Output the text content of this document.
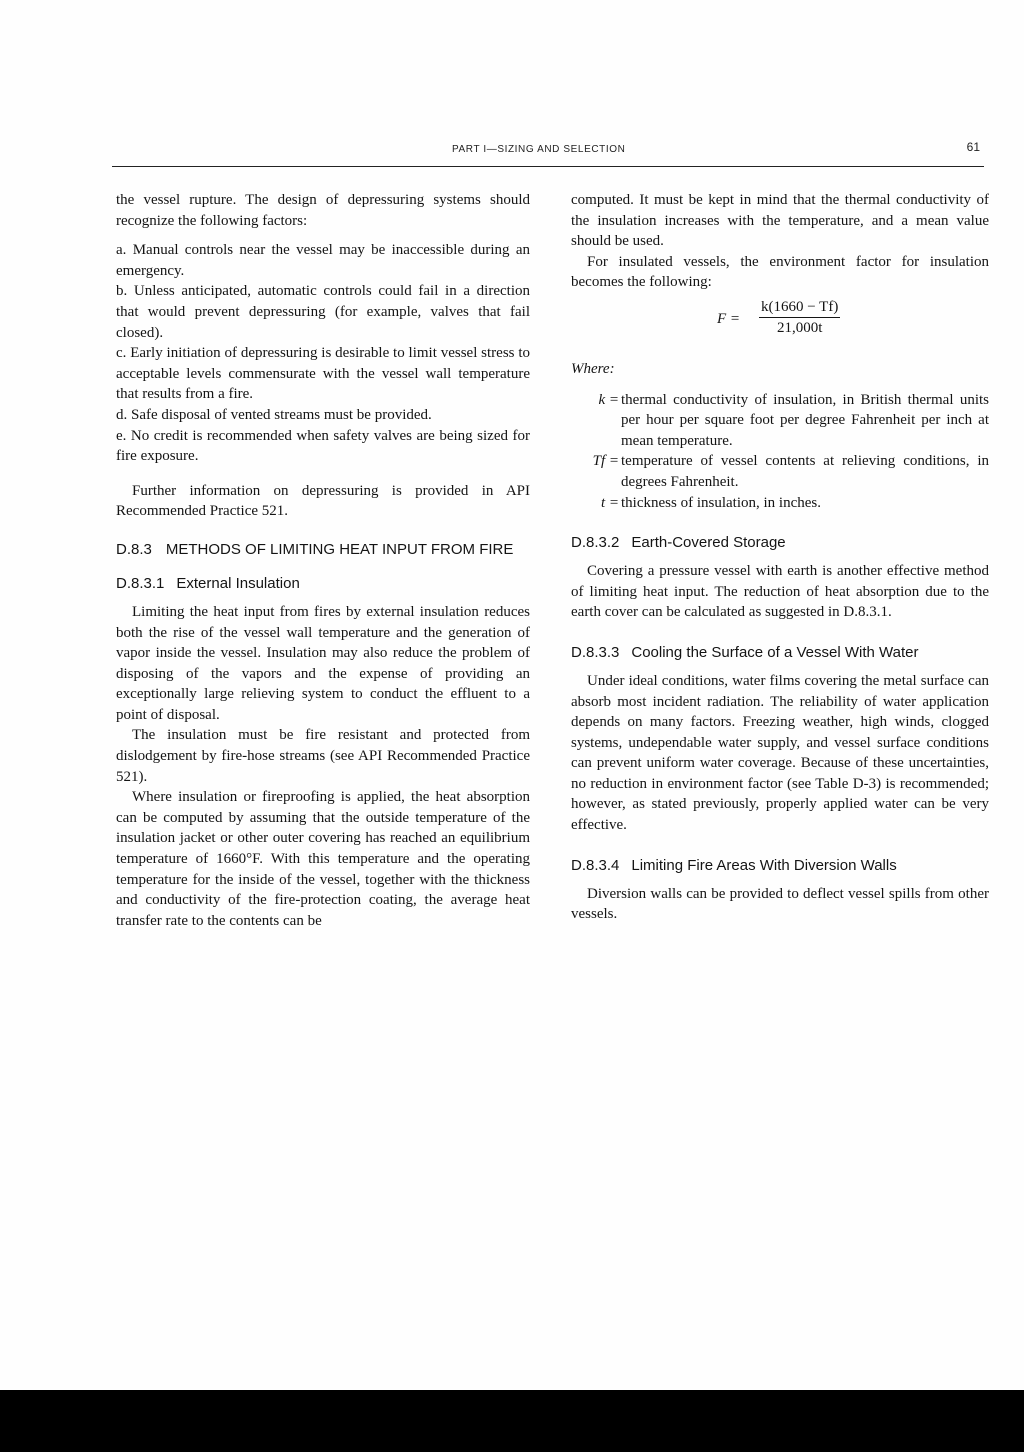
PART I—SIZING AND SELECTION	61

the vessel rupture. The design of depressuring systems should recognize the following factors:

a. Manual controls near the vessel may be inaccessible during an emergency.

b. Unless anticipated, automatic controls could fail in a direction that would prevent depressuring (for example, valves that fail closed).

c. Early initiation of depressuring is desirable to limit vessel stress to acceptable levels commensurate with the vessel wall temperature that results from a fire.

d. Safe disposal of vented streams must be provided.

e. No credit is recommended when safety valves are being sized for fire exposure.

Further information on depressuring is provided in API Recommended Practice 521.

D.8.3 METHODS OF LIMITING HEAT INPUT FROM FIRE
D.8.3.1 External Insulation

Limiting the heat input from fires by external insulation reduces both the rise of the vessel wall temperature and the generation of vapor inside the vessel. Insulation may also reduce the problem of disposing of the vapors and the expense of providing an exceptionally large relieving system to conduct the effluent to a point of disposal.

The insulation must be fire resistant and protected from dislodgement by fire-hose streams (see API Recommended Practice 521).

Where insulation or fireproofing is applied, the heat absorption can be computed by assuming that the outside temperature of the insulation jacket or other outer covering has reached an equilibrium temperature of 1660°F. With this temperature and the operating temperature for the inside of the vessel, together with the thickness and conductivity of the fire-protection coating, the average heat transfer rate to the contents can be

computed. It must be kept in mind that the thermal conductivity of the insulation increases with the temperature, and a mean value should be used.

For insulated vessels, the environment factor for insulation becomes the following:

$F = \frac{k(1660 - Tf)}{21,000t}$

Where:

k = thermal conductivity of insulation, in British thermal units per hour per square foot per degree Fahrenheit per inch at mean temperature.
Tf = temperature of vessel contents at relieving conditions, in degrees Fahrenheit.
t = thickness of insulation, in inches.
D.8.3.2 Earth-Covered Storage

Covering a pressure vessel with earth is another effective method of limiting heat input. The reduction of heat absorption due to the earth cover can be calculated as suggested in D.8.3.1.

D.8.3.3 Cooling the Surface of a Vessel With Water

Under ideal conditions, water films covering the metal surface can absorb most incident radiation. The reliability of water application depends on many factors. Freezing weather, high winds, clogged systems, undependable water supply, and vessel surface conditions can prevent uniform water coverage. Because of these uncertainties, no reduction in environment factor (see Table D-3) is recommended; however, as stated previously, properly applied water can be very effective.

D.8.3.4 Limiting Fire Areas With Diversion Walls

Diversion walls can be provided to deflect vessel spills from other vessels.
